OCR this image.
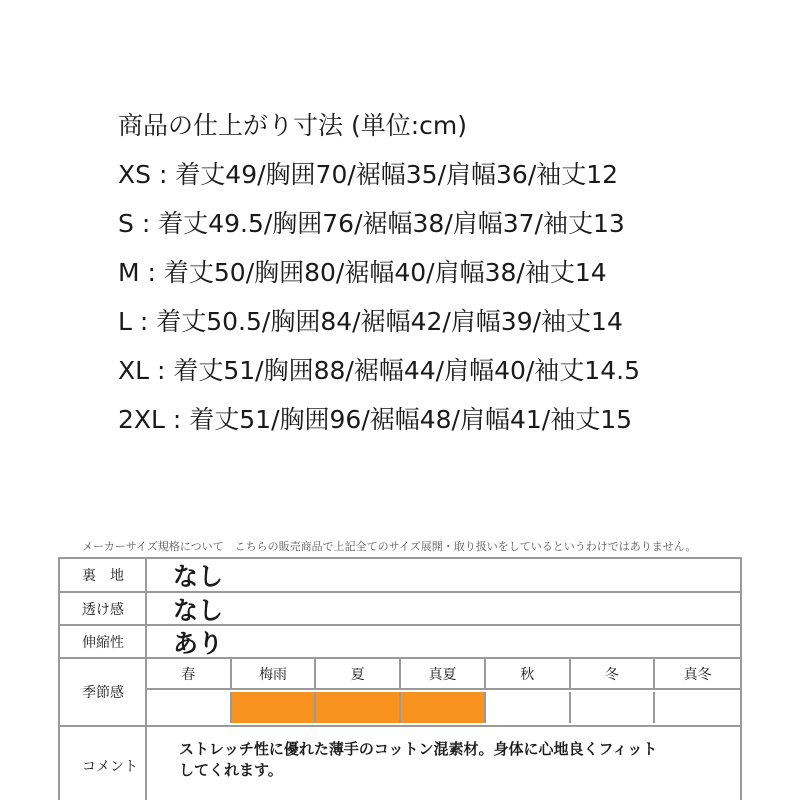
商品の仕上がり寸法 (単位:cm)
XS : 着丈49/胸囲70/裾幅35/肩幅36/袖丈12
S : 着丈49.5/胸囲76/裾幅38/肩幅37/袖丈13
M : 着丈50/胸囲80/裾幅40/肩幅38/袖丈14
L : 着丈50.5/胸囲84/裾幅42/肩幅39/袖丈14
XL : 着丈51/胸囲88/裾幅44/肩幅40/袖丈14.5
2XL : 着丈51/胸囲96/裾幅48/肩幅41/袖丈15
メーカーサイズ規格について　こちらの販売商品で上記全てのサイズ展開・取り扱いをしているというわけではありません。
裏　地	なし
透け感	なし
伸縮性	あり
季節感
春	梅雨	夏	真夏	秋	冬	真冬
コメント
ストレッチ性に優れた薄手のコットン混素材。身体に心地良くフィット
してくれます。
